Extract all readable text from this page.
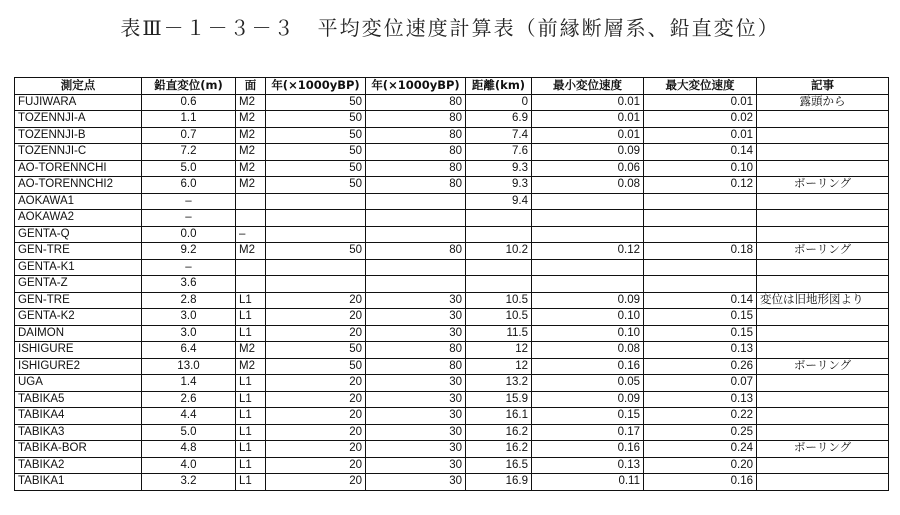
表Ⅲ－１－３－３　平均変位速度計算表（前縁断層系、鉛直変位）
測定点	鉛直変位(m)	面	年(×1000yBP)	年(×1000yBP)	距離(km)	最小変位速度	最大変位速度	記事
FUJIWARA	0.6	M2	50	80	0	0.01	0.01	露頭から
TOZENNJI-A	1.1	M2	50	80	6.9	0.01	0.02	
TOZENNJI-B	0.7	M2	50	80	7.4	0.01	0.01	
TOZENNJI-C	7.2	M2	50	80	7.6	0.09	0.14	
AO-TORENNCHI	5.0	M2	50	80	9.3	0.06	0.10	
AO-TORENNCHI2	6.0	M2	50	80	9.3	0.08	0.12	ボーリング
AOKAWA1	–				9.4			
AOKAWA2	–							
GENTA-Q	0.0	–						
GEN-TRE	9.2	M2	50	80	10.2	0.12	0.18	ボーリング
GENTA-K1	–							
GENTA-Z	3.6							
GEN-TRE	2.8	L1	20	30	10.5	0.09	0.14	変位は旧地形図より
GENTA-K2	3.0	L1	20	30	10.5	0.10	0.15	
DAIMON	3.0	L1	20	30	11.5	0.10	0.15	
ISHIGURE	6.4	M2	50	80	12	0.08	0.13	
ISHIGURE2	13.0	M2	50	80	12	0.16	0.26	ボーリング
UGA	1.4	L1	20	30	13.2	0.05	0.07	
TABIKA5	2.6	L1	20	30	15.9	0.09	0.13	
TABIKA4	4.4	L1	20	30	16.1	0.15	0.22	
TABIKA3	5.0	L1	20	30	16.2	0.17	0.25	
TABIKA-BOR	4.8	L1	20	30	16.2	0.16	0.24	ボーリング
TABIKA2	4.0	L1	20	30	16.5	0.13	0.20	
TABIKA1	3.2	L1	20	30	16.9	0.11	0.16	
